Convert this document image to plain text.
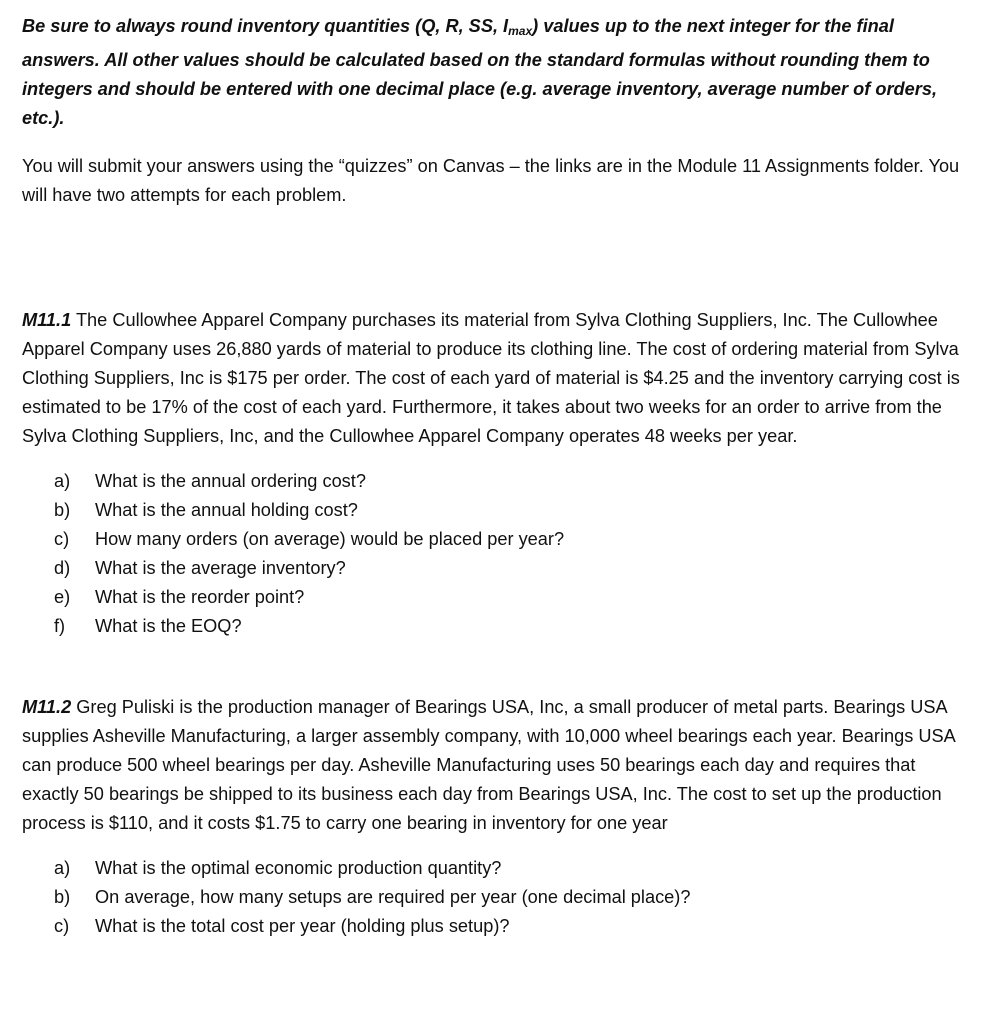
Be sure to always round inventory quantities (Q, R, SS, $I_{max}$) values up to the next integer for the final answers. All other values should be calculated based on the standard formulas without rounding them to integers and should be entered with one decimal place (e.g. average inventory, average number of orders, etc.).

You will submit your answers using the “quizzes” on Canvas – the links are in the Module 11 Assignments folder. You will have two attempts for each problem.

M11.1 The Cullowhee Apparel Company purchases its material from Sylva Clothing Suppliers, Inc. The Cullowhee Apparel Company uses 26,880 yards of material to produce its clothing line. The cost of ordering material from Sylva Clothing Suppliers, Inc is $175 per order. The cost of each yard of material is $4.25 and the inventory carrying cost is estimated to be 17% of the cost of each yard. Furthermore, it takes about two weeks for an order to arrive from the Sylva Clothing Suppliers, Inc, and the Cullowhee Apparel Company operates 48 weeks per year.

a)	What is the annual ordering cost?
b)	What is the annual holding cost?
c)	How many orders (on average) would be placed per year?
d)	What is the average inventory?
e)	What is the reorder point?
f)	What is the EOQ?

M11.2 Greg Puliski is the production manager of Bearings USA, Inc, a small producer of metal parts. Bearings USA supplies Asheville Manufacturing, a larger assembly company, with 10,000 wheel bearings each year. Bearings USA can produce 500 wheel bearings per day. Asheville Manufacturing uses 50 bearings each day and requires that exactly 50 bearings be shipped to its business each day from Bearings USA, Inc. The cost to set up the production process is $110, and it costs $1.75 to carry one bearing in inventory for one year

a)	What is the optimal economic production quantity?
b)	On average, how many setups are required per year (one decimal place)?
c)	What is the total cost per year (holding plus setup)?
